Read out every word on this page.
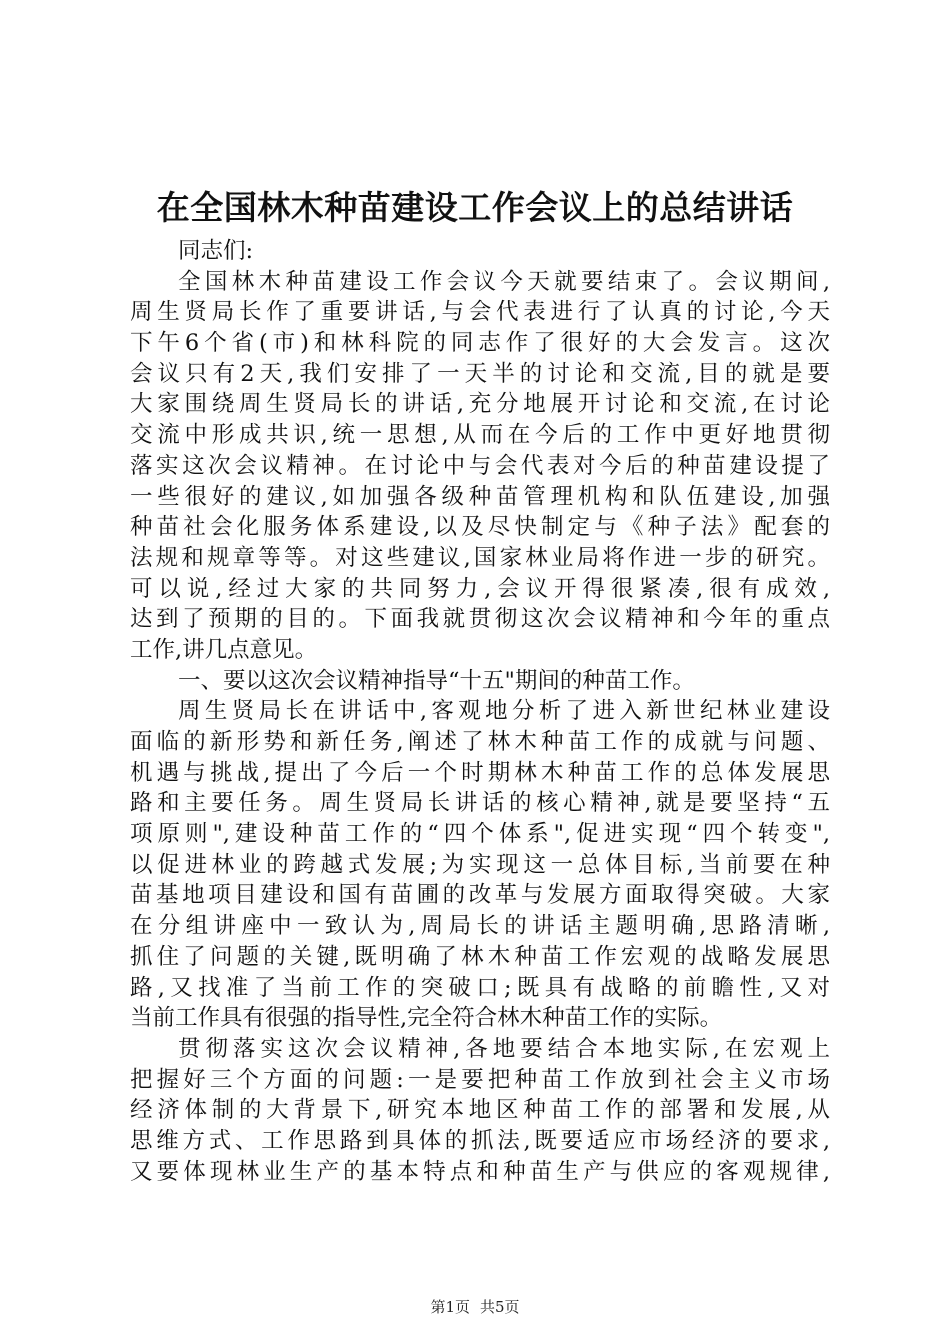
在全国林木种苗建设工作会议上的总结讲话
同志们:
全国林木种苗建设工作会议今天就要结束了。会议期间,
周生贤局长作了重要讲话,与会代表进行了认真的讨论,今天
下午6个省(市)和林科院的同志作了很好的大会发言。这次
会议只有2天,我们安排了一天半的讨论和交流,目的就是要
大家围绕周生贤局长的讲话,充分地展开讨论和交流,在讨论
交流中形成共识,统一思想,从而在今后的工作中更好地贯彻
落实这次会议精神。在讨论中与会代表对今后的种苗建设提了
一些很好的建议,如加强各级种苗管理机构和队伍建设,加强
种苗社会化服务体系建设,以及尽快制定与《种子法》配套的
法规和规章等等。对这些建议,国家林业局将作进一步的研究。
可以说,经过大家的共同努力,会议开得很紧凑,很有成效,
达到了预期的目的。下面我就贯彻这次会议精神和今年的重点
工作,讲几点意见。
一、要以这次会议精神指导“十五"期间的种苗工作。
周生贤局长在讲话中,客观地分析了进入新世纪林业建设
面临的新形势和新任务,阐述了林木种苗工作的成就与问题、
机遇与挑战,提出了今后一个时期林木种苗工作的总体发展思
路和主要任务。周生贤局长讲话的核心精神,就是要坚持“五
项原则",建设种苗工作的“四个体系",促进实现“四个转变",
以促进林业的跨越式发展;为实现这一总体目标,当前要在种
苗基地项目建设和国有苗圃的改革与发展方面取得突破。大家
在分组讲座中一致认为,周局长的讲话主题明确,思路清晰,
抓住了问题的关键,既明确了林木种苗工作宏观的战略发展思
路,又找准了当前工作的突破口;既具有战略的前瞻性,又对
当前工作具有很强的指导性,完全符合林木种苗工作的实际。
贯彻落实这次会议精神,各地要结合本地实际,在宏观上
把握好三个方面的问题:一是要把种苗工作放到社会主义市场
经济体制的大背景下,研究本地区种苗工作的部署和发展,从
思维方式、工作思路到具体的抓法,既要适应市场经济的要求,
又要体现林业生产的基本特点和种苗生产与供应的客观规律,
第1页 共5页
